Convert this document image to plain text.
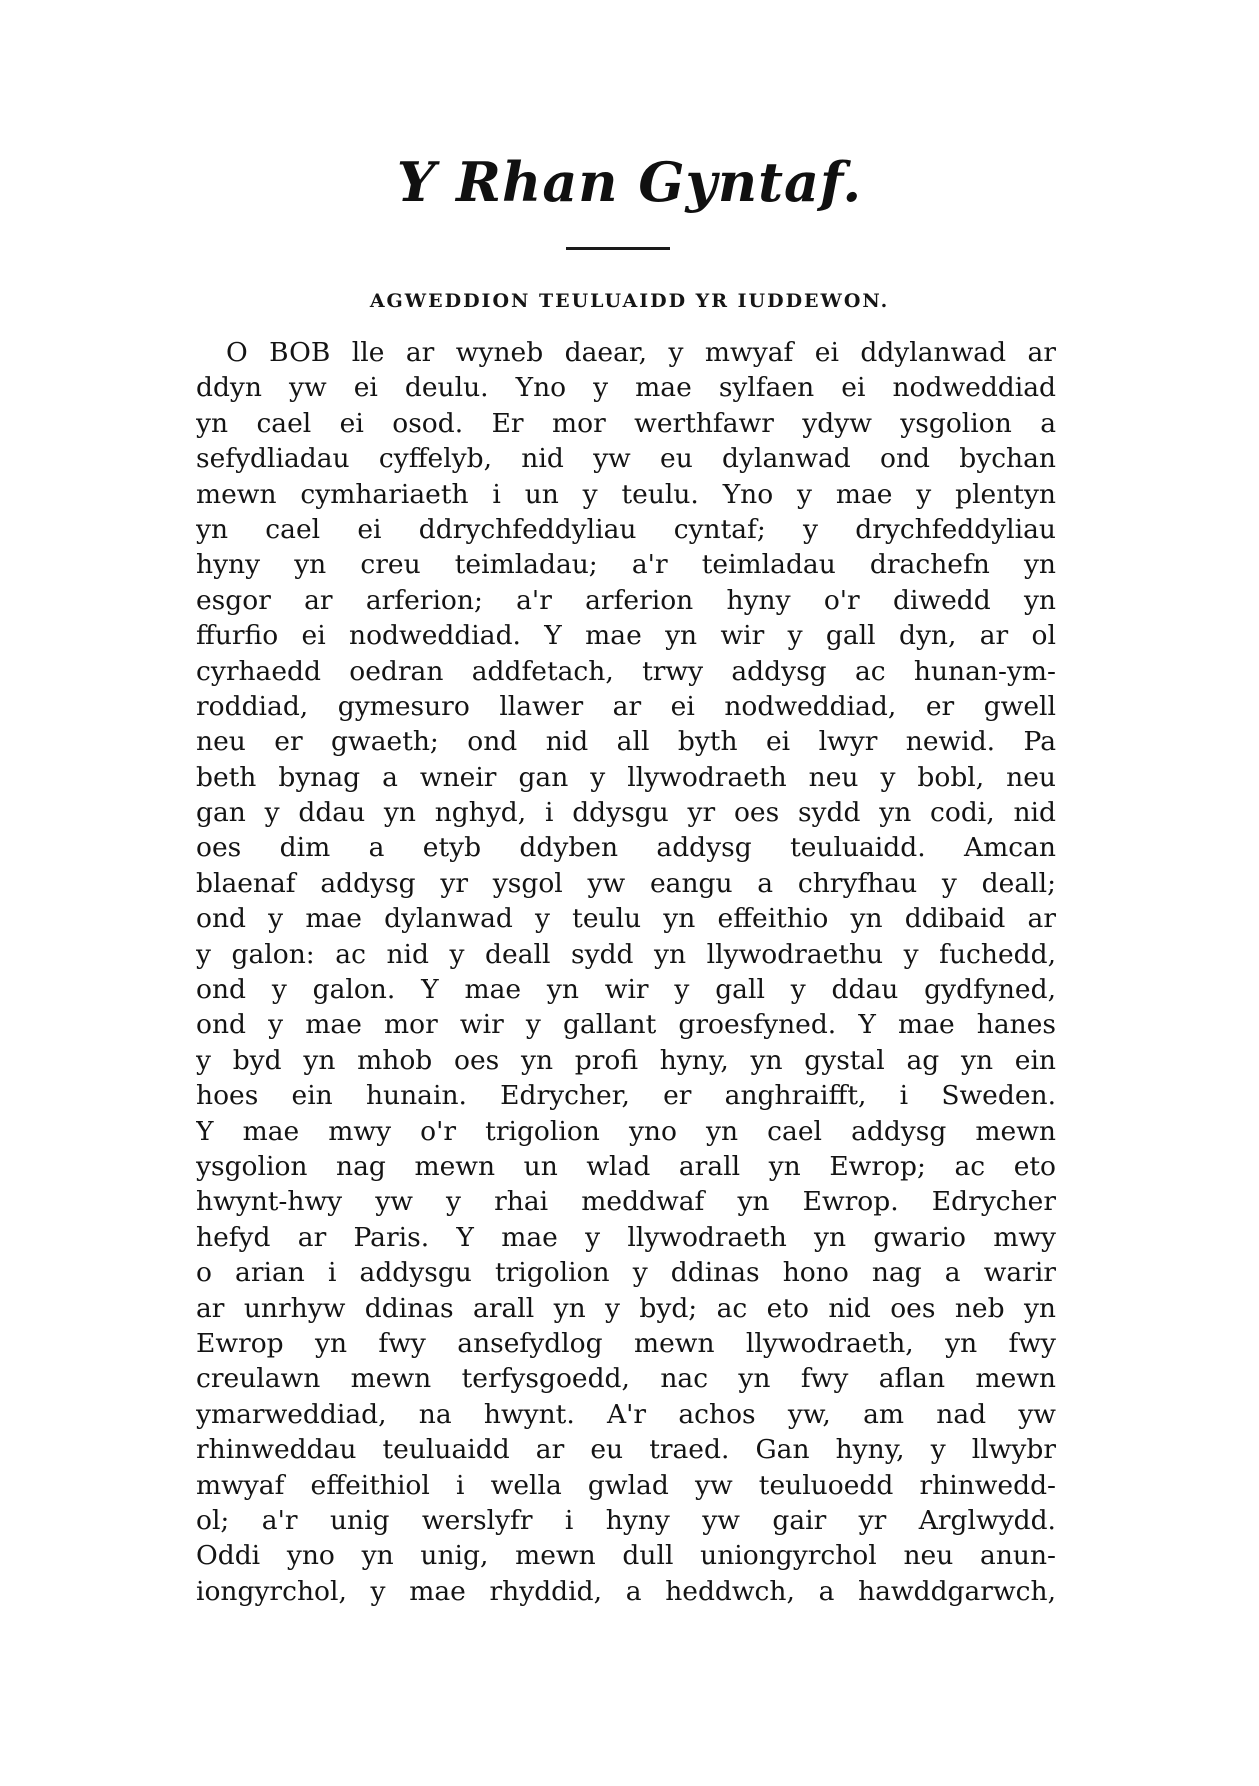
Y Rhan Gyntaf.
AGWEDDION TEULUAIDD YR IUDDEWON.
O BOB lle ar wyneb daear, y mwyaf ei ddylanwad ar
ddyn yw ei deulu. Yno y mae sylfaen ei nodweddiad
yn cael ei osod. Er mor werthfawr ydyw ysgolion a
sefydliadau cyffelyb, nid yw eu dylanwad ond bychan
mewn cymhariaeth i un y teulu. Yno y mae y plentyn
yn cael ei ddrychfeddyliau cyntaf; y drychfeddyliau
hyny yn creu teimladau; a'r teimladau drachefn yn
esgor ar arferion; a'r arferion hyny o'r diwedd yn
ffurfio ei nodweddiad. Y mae yn wir y gall dyn, ar ol
cyrhaedd oedran addfetach, trwy addysg ac hunan-ym-
roddiad, gymesuro llawer ar ei nodweddiad, er gwell
neu er gwaeth; ond nid all byth ei lwyr newid. Pa
beth bynag a wneir gan y llywodraeth neu y bobl, neu
gan y ddau yn nghyd, i ddysgu yr oes sydd yn codi, nid
oes dim a etyb ddyben addysg teuluaidd. Amcan
blaenaf addysg yr ysgol yw eangu a chryfhau y deall;
ond y mae dylanwad y teulu yn effeithio yn ddibaid ar
y galon: ac nid y deall sydd yn llywodraethu y fuchedd,
ond y galon. Y mae yn wir y gall y ddau gydfyned,
ond y mae mor wir y gallant groesfyned. Y mae hanes
y byd yn mhob oes yn profi hyny, yn gystal ag yn ein
hoes ein hunain. Edrycher, er anghraifft, i Sweden.
Y mae mwy o'r trigolion yno yn cael addysg mewn
ysgolion nag mewn un wlad arall yn Ewrop; ac eto
hwynt-hwy yw y rhai meddwaf yn Ewrop. Edrycher
hefyd ar Paris. Y mae y llywodraeth yn gwario mwy
o arian i addysgu trigolion y ddinas hono nag a warir
ar unrhyw ddinas arall yn y byd; ac eto nid oes neb yn
Ewrop yn fwy ansefydlog mewn llywodraeth, yn fwy
creulawn mewn terfysgoedd, nac yn fwy aflan mewn
ymarweddiad, na hwynt. A'r achos yw, am nad yw
rhinweddau teuluaidd ar eu traed. Gan hyny, y llwybr
mwyaf effeithiol i wella gwlad yw teuluoedd rhinwedd-
ol; a'r unig werslyfr i hyny yw gair yr Arglwydd.
Oddi yno yn unig, mewn dull uniongyrchol neu anun-
iongyrchol, y mae rhyddid, a heddwch, a hawddgarwch,
